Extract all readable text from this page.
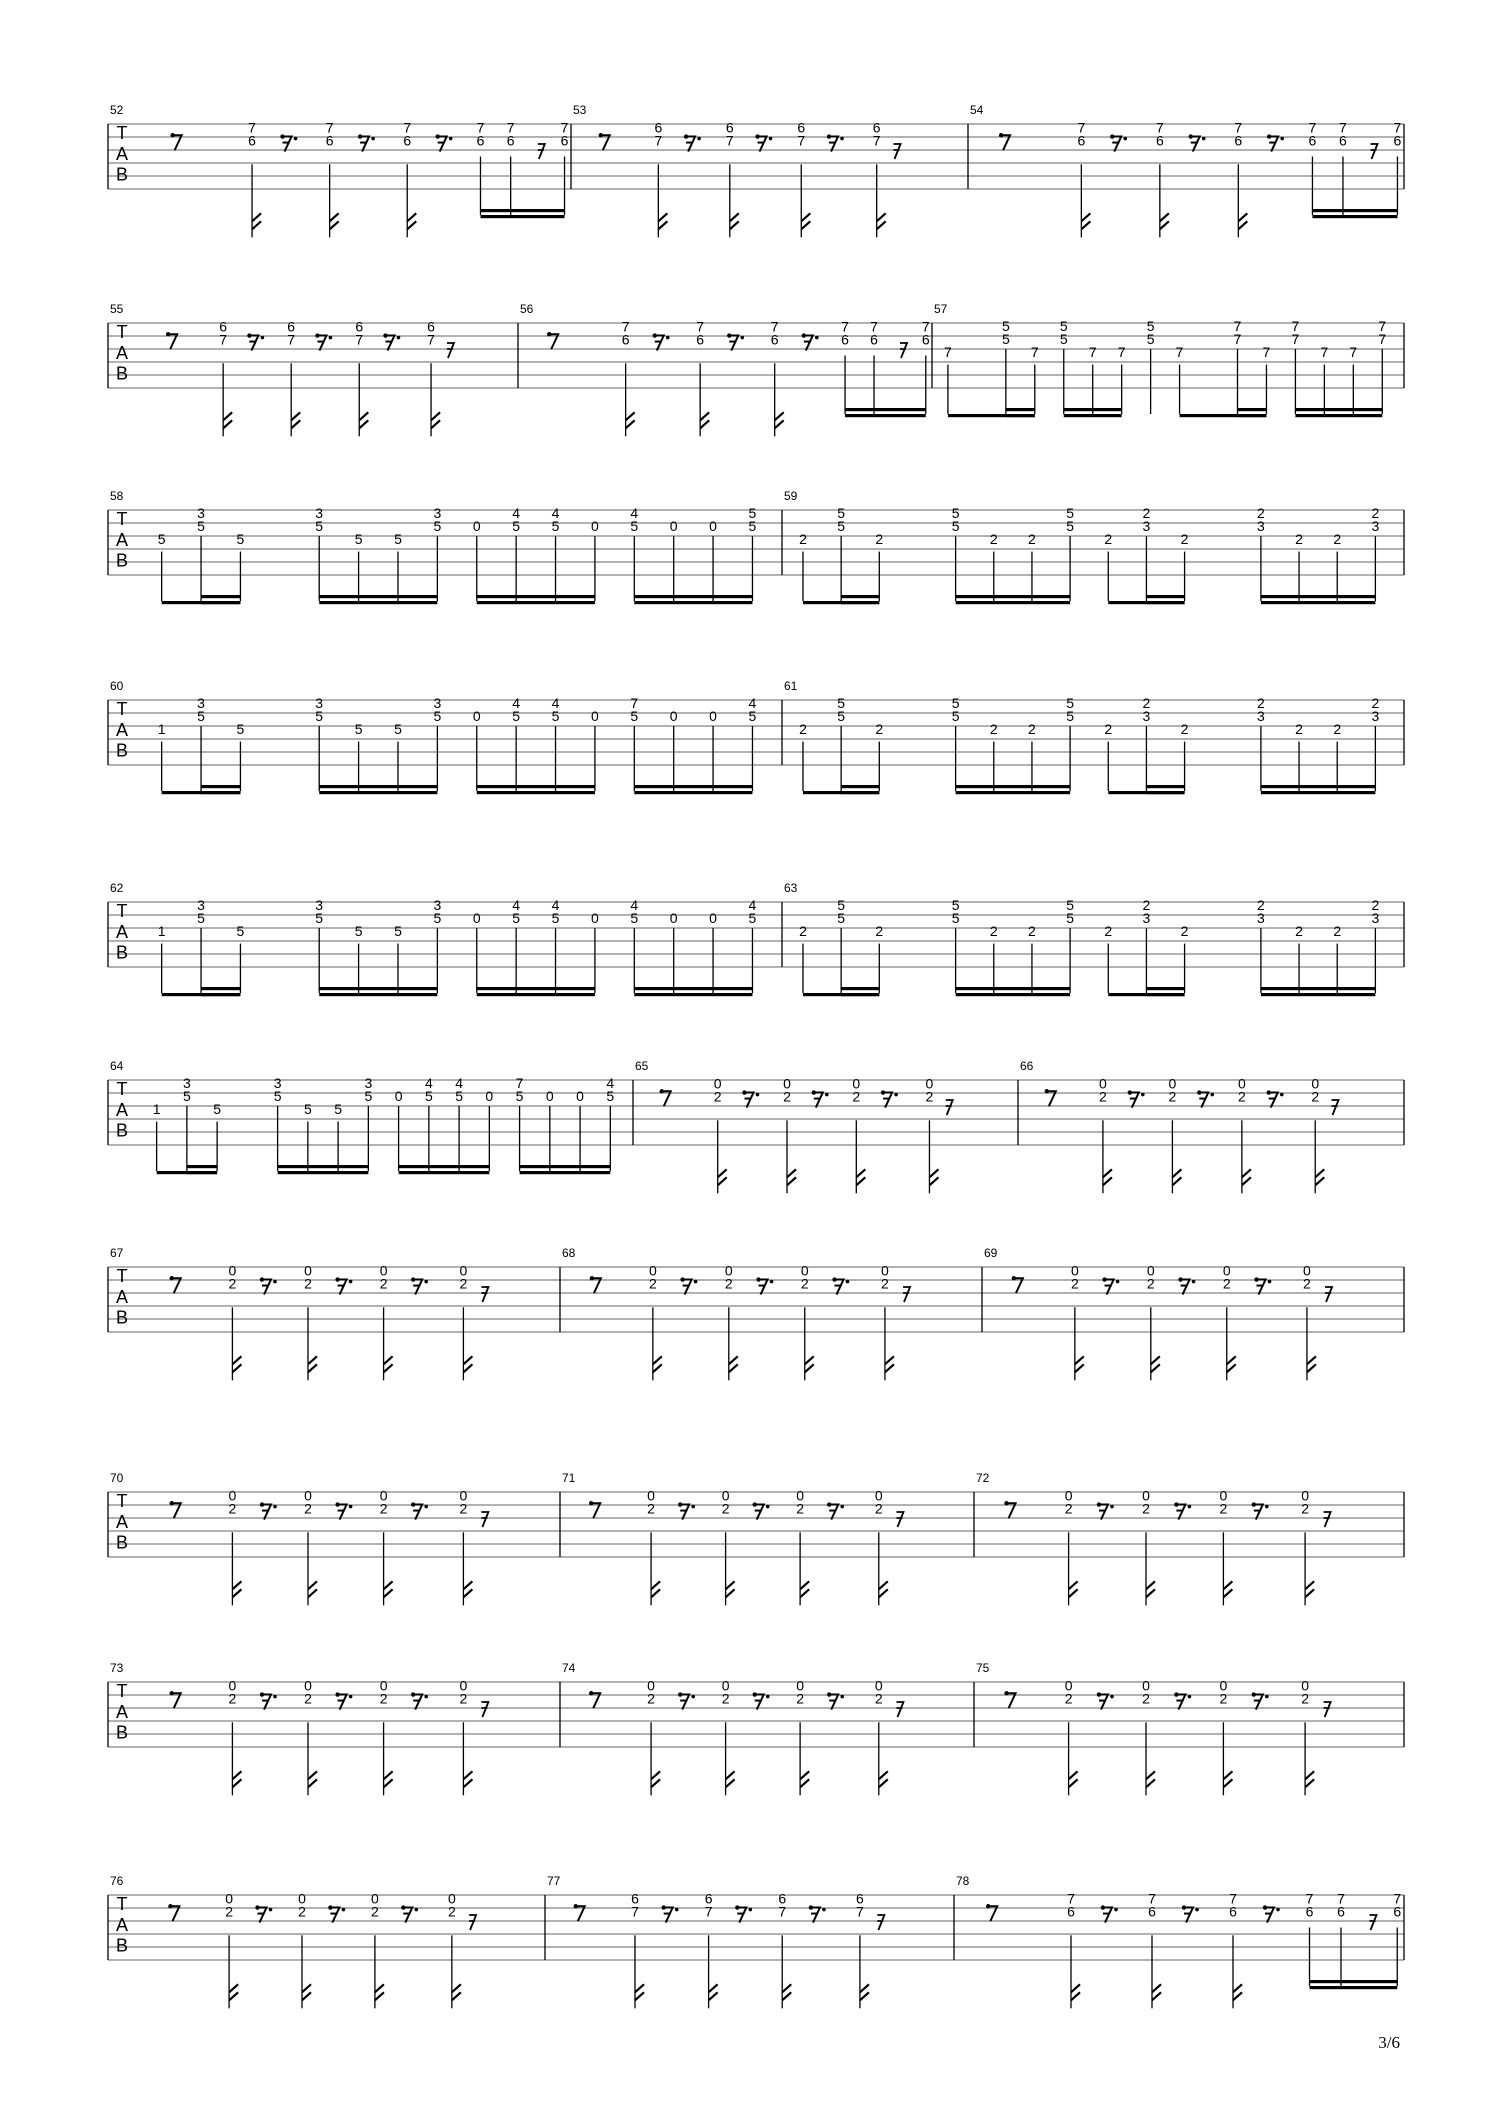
T
A
B
52
7
6
7
6
7
6
7
6
7
6
7
6
53
6
7
6
7
6
7
6
7
54
7
6
7
6
7
6
7
6
7
6
7
6
T
A
B
55
6
7
6
7
6
7
6
7
56
7
6
7
6
7
6
7
6
7
6
7
6
57
7
5
5
7
5
5
7 7
5
5
7
7
7
7
7
7
7 7
7
7
T
A
B
58
5
3
5
5
3
5
5 5
3
5 0
4
5
4
5 0
4
5 0 0
5
5
59
2
5
5
2
5
5
2 2
5
5
2
2
3
2
2
3
2 2
2
3
T
A
B
60
1
3
5
5
3
5
5 5
3
5 0
4
5
4
5 0
7
5 0 0
4
5
61
2
5
5
2
5
5
2 2
5
5
2
2
3
2
2
3
2 2
2
3
T
A
B
62
1
3
5
5
3
5
5 5
3
5 0
4
5
4
5 0
4
5 0 0
4
5
63
2
5
5
2
5
5
2 2
5
5
2
2
3
2
2
3
2 2
2
3
T
A
B
64
1
3
5
5
3
5
5 5
3
5 0
4
5
4
5 0
7
5 0 0
4
5
65
0
2
0
2
0
2
0
2
66
0
2
0
2
0
2
0
2
T
A
B
67
0
2
0
2
0
2
0
2
68
0
2
0
2
0
2
0
2
69
0
2
0
2
0
2
0
2
T
A
B
70
0
2
0
2
0
2
0
2
71
0
2
0
2
0
2
0
2
72
0
2
0
2
0
2
0
2
T
A
B
73
0
2
0
2
0
2
0
2
74
0
2
0
2
0
2
0
2
75
0
2
0
2
0
2
0
2
T
A
B
76
0
2
0
2
0
2
0
2
77
6
7
6
7
6
7
6
7
78
7
6
7
6
7
6
7
6
7
6
7
6
3/6
